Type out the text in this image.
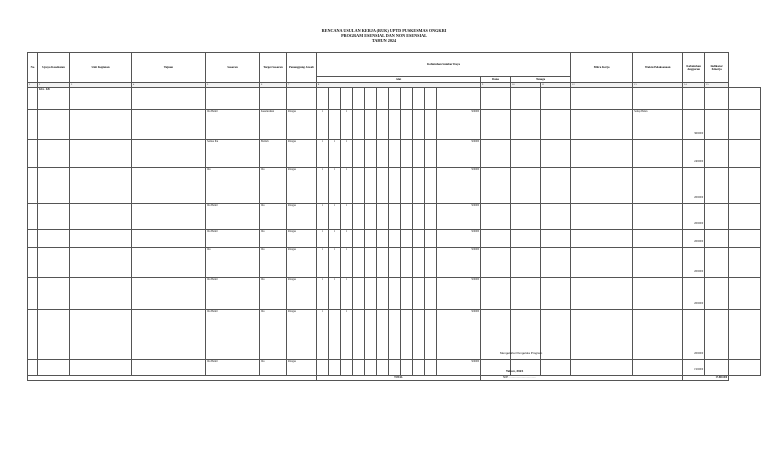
RENCANA USULAN KERJA (RUK) UPTD PUSKESMAS ONGKRI
PROGRAM ESENSIAL DAN NON ESENSIAL
TAHUN 2024
No	Upaya Kesehatan	Unit Kegiatan	Tujuan	Sasaran	Target Sasaran	Penanggung Jawab	Kebutuhan Sumber Daya														Mitra Kerja	Waktu Pelaksanaan	Kebutuhan Anggaran	Indikator Kinerja	
							Alat											Dana	Tenaga						
1	2	3	4	5	6	7	8											9	10	11	12	13	14	15	
	KIA - KB																						

				Ibu Hamil	Keseluruhan	Petugas	1		1								500000					Setiap Bulan	3600000		

				Semua Ibu	Berbah	Petugas	1	1	1								500000						2400000		

				Ibu	Ibu	Petugas	1	1	1								500000						2000000		

				Ibu Hamil	Ibu	Petugas	1	1	1								500000						2000000		

				Ibu Hamil	Ibu	Petugas	1	1	1								500000						2000000		

				Ibu	Ibu	Petugas	1	1	1								500000						2000000		

				Ibu Hamil	Ibu	Petugas	1	1	1								500000						2000000		

				Ibu Hamil	Ibu	Petugas	1		1								500000						2000000		

				Ibu Hamil	Ibu	Petugas											500000						1500000		

							TOTAL																17.800.000		
Mengetahui Pengelola Program
Tahun, 2024
NIP. ................................
